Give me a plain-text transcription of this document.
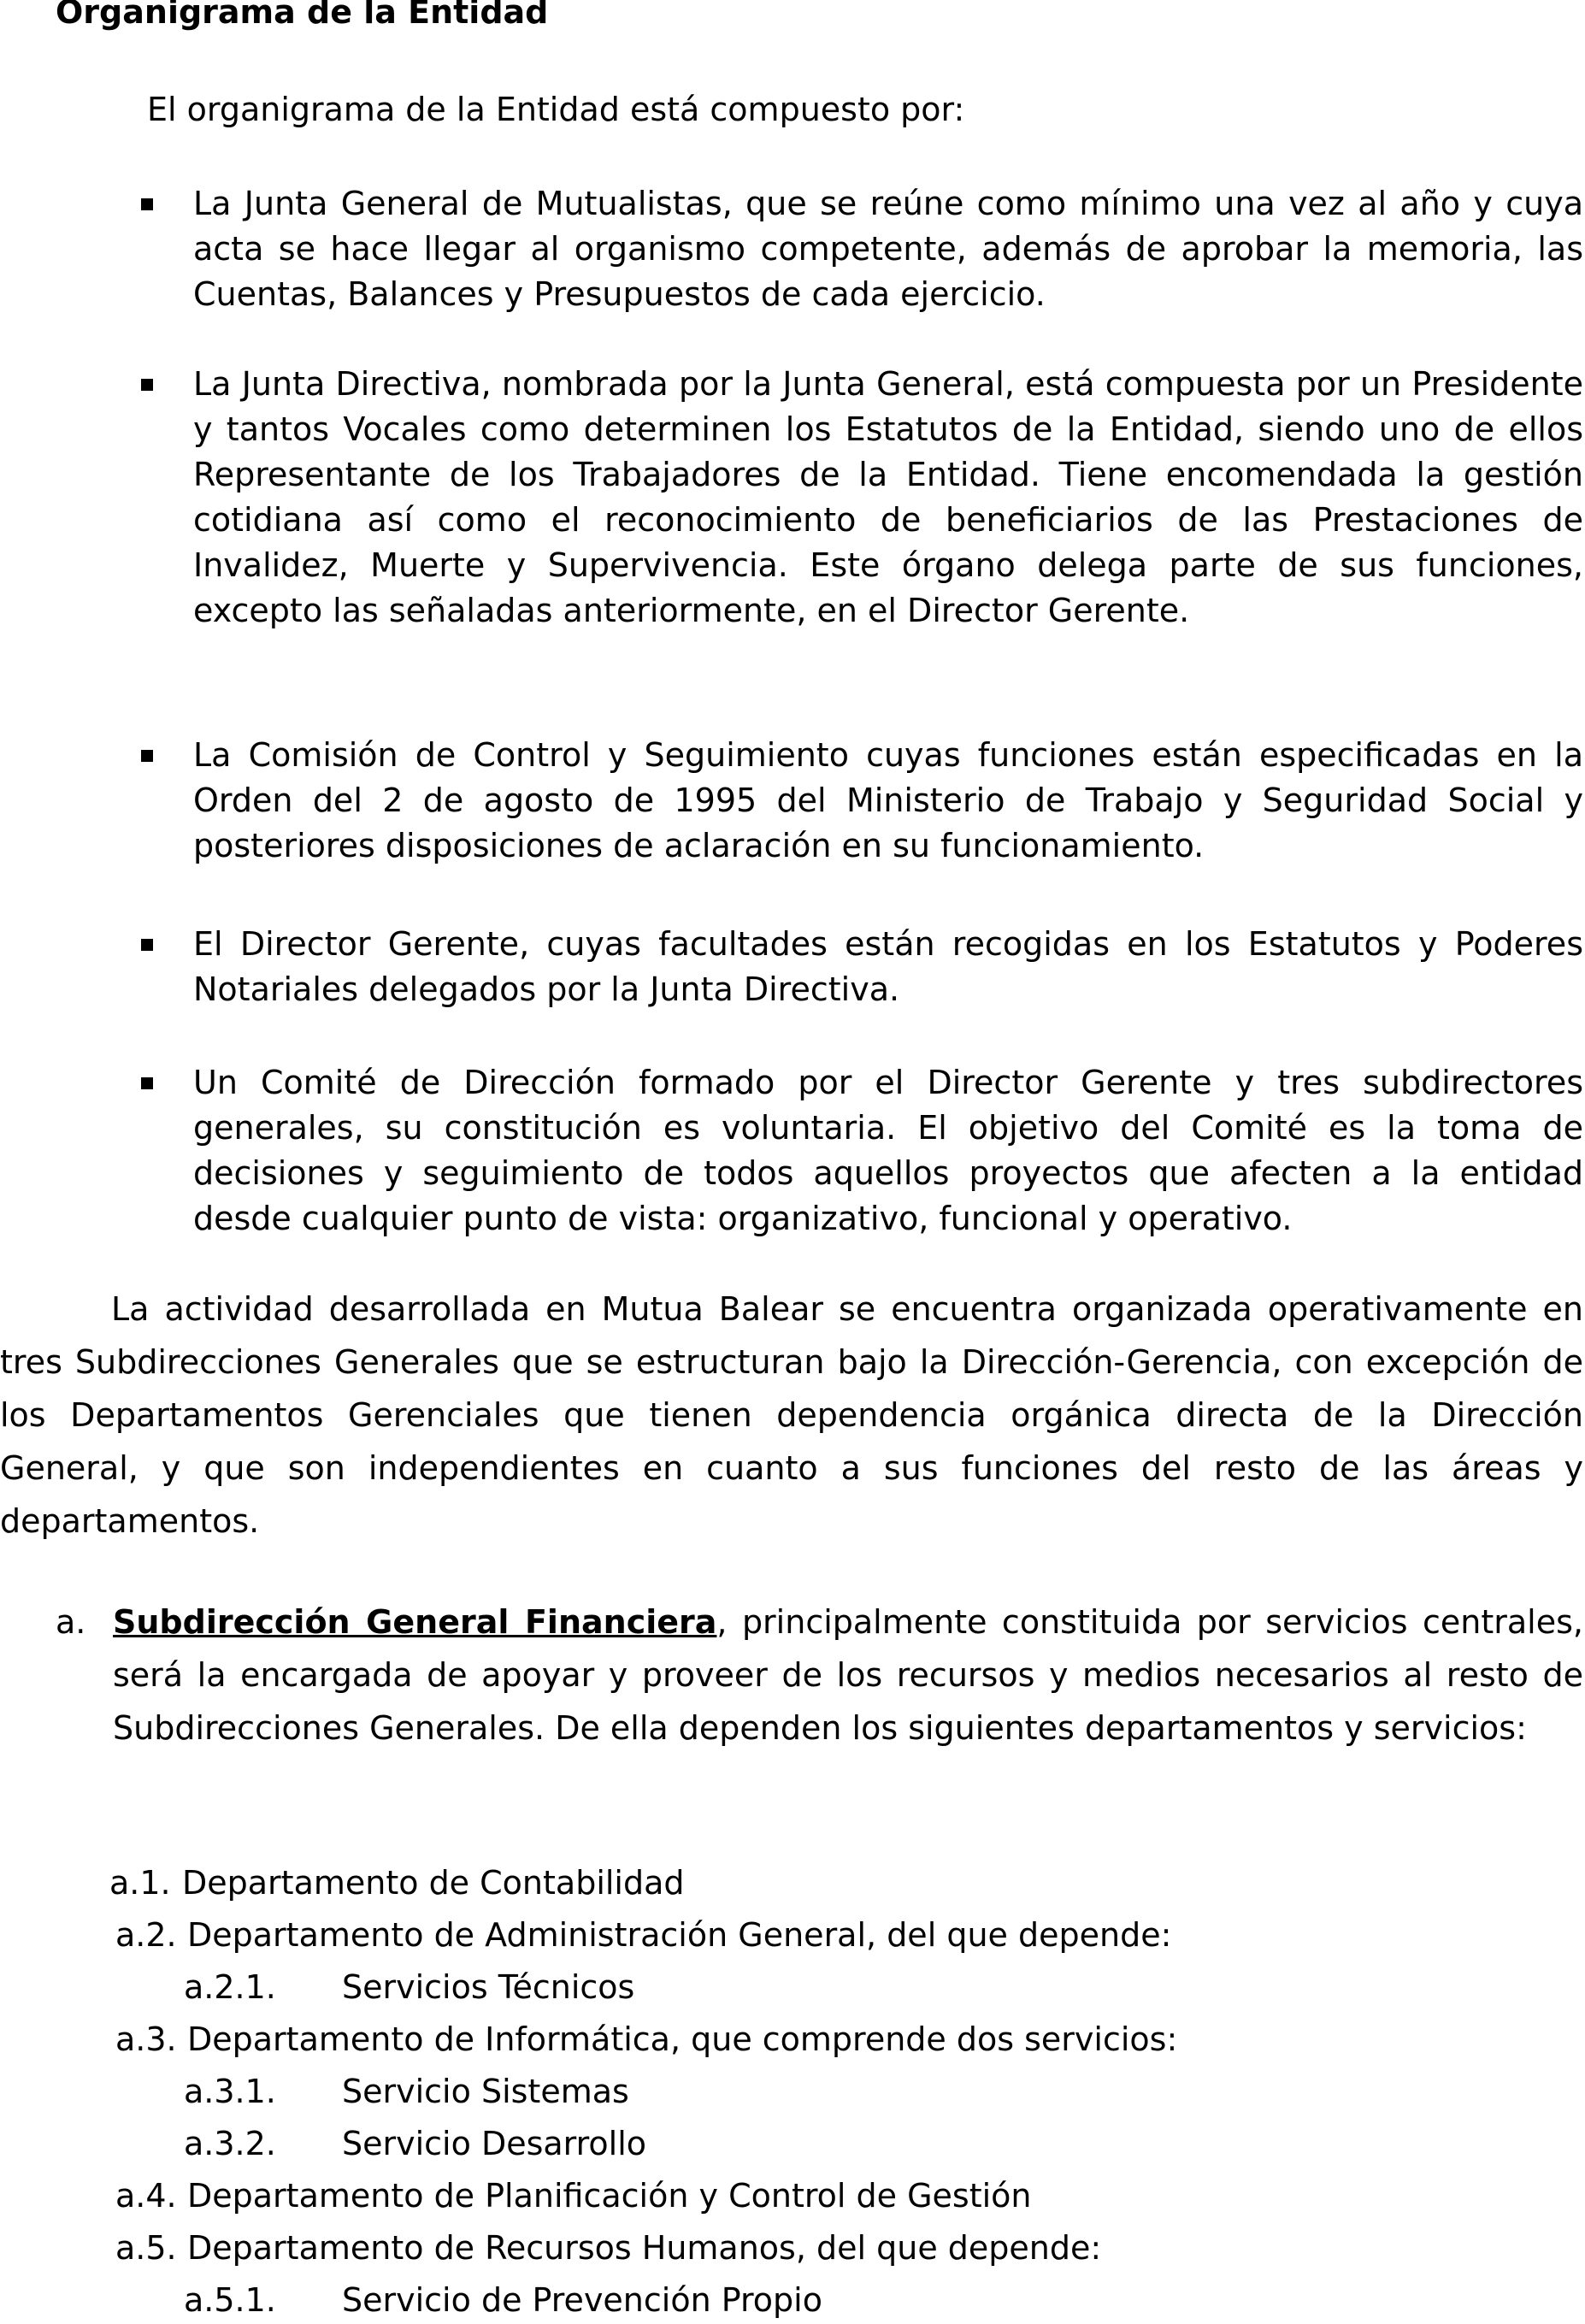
Organigrama de la Entidad
El organigrama de la Entidad está compuesto por:
La Junta General de Mutualistas, que se reúne como mínimo una vez al año y cuya acta se hace llegar al organismo competente, además de aprobar la memoria, las Cuentas, Balances y Presupuestos de cada ejercicio.
La Junta Directiva, nombrada por la Junta General, está compuesta por un Presidente y tantos Vocales como determinen los Estatutos de la Entidad, siendo uno de ellos Representante de los Trabajadores de la Entidad. Tiene encomendada la gestión cotidiana así como el reconocimiento de beneficiarios de las Prestaciones de Invalidez, Muerte y Supervivencia. Este órgano delega parte de sus funciones, excepto las señaladas anteriormente, en el Director Gerente.
La Comisión de Control y Seguimiento cuyas funciones están especificadas en la Orden del 2 de agosto de 1995 del Ministerio de Trabajo y Seguridad Social y posteriores disposiciones de aclaración en su funcionamiento.
El Director Gerente, cuyas facultades están recogidas en los Estatutos y Poderes Notariales delegados por la Junta Directiva.
Un Comité de Dirección formado por el Director Gerente y tres subdirectores generales, su constitución es voluntaria. El objetivo del Comité es la toma de decisiones y seguimiento de todos aquellos proyectos que afecten a la entidad desde cualquier punto de vista: organizativo, funcional y operativo.
La actividad desarrollada en Mutua Balear se encuentra organizada operativamente en tres Subdirecciones Generales que se estructuran bajo la Dirección-Gerencia, con excepción de los Departamentos Gerenciales que tienen dependencia orgánica directa de la Dirección General, y que son independientes en cuanto a sus funciones del resto de las áreas y departamentos.
a. Subdirección General Financiera, principalmente constituida por servicios centrales, será la encargada de apoyar y proveer de los recursos y medios necesarios al resto de Subdirecciones Generales. De ella dependen los siguientes departamentos y servicios:
a.1. Departamento de Contabilidad
a.2. Departamento de Administración General, del que depende:
a.2.1. Servicios Técnicos
a.3. Departamento de Informática, que comprende dos servicios:
a.3.1. Servicio Sistemas
a.3.2. Servicio Desarrollo
a.4. Departamento de Planificación y Control de Gestión
a.5. Departamento de Recursos Humanos, del que depende:
a.5.1. Servicio de Prevención Propio
